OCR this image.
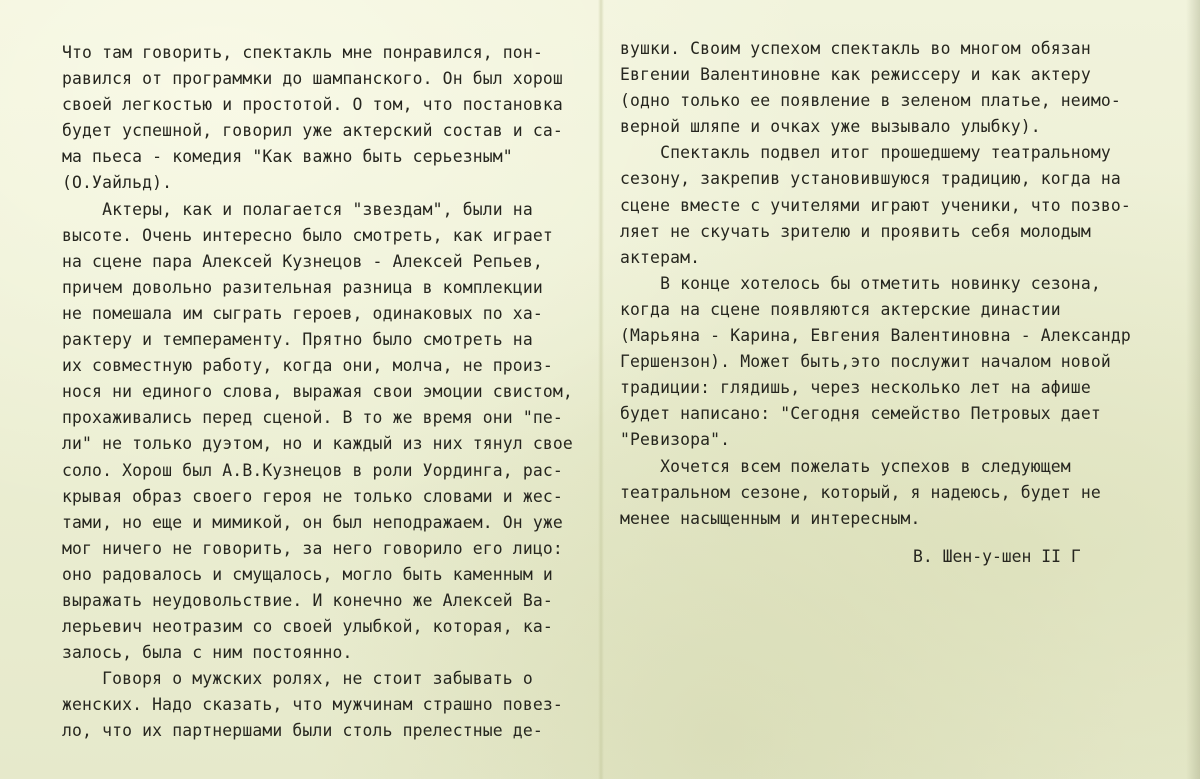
Что там говорить, спектакль мне понравился, пон-
равился от программки до шампанского. Он был хорош
своей легкостью и простотой. О том, что постановка
будет успешной, говорил уже актерский состав и са-
ма пьеса - комедия "Как важно быть серьезным"
(О.Уайльд).
Актеры, как и полагается "звездам", были на
высоте. Очень интересно было смотреть, как играет
на сцене пара Алексей Кузнецов - Алексей Репьев,
причем довольно разительная разница в комплекции
не помешала им сыграть героев, одинаковых по ха-
рактеру и темпераменту. Прятно было смотреть на
их совместную работу, когда они, молча, не произ-
нося ни единого слова, выражая свои эмоции свистом,
прохаживались перед сценой. В то же время они "пе-
ли" не только дуэтом, но и каждый из них тянул свое
соло. Хорош был А.В.Кузнецов в роли Уординга, рас-
крывая образ своего героя не только словами и жес-
тами, но еще и мимикой, он был неподражаем. Он уже
мог ничего не говорить, за него говорило его лицо:
оно радовалось и смущалось, могло быть каменным и
выражать неудовольствие. И конечно же Алексей Ва-
лерьевич неотразим со своей улыбкой, которая, ка-
залось, была с ним постоянно.
Говоря о мужских ролях, не стоит забывать о
женских. Надо сказать, что мужчинам страшно повез-
ло, что их партнершами были столь прелестные де-
вушки. Своим успехом спектакль во многом обязан
Евгении Валентиновне как режиссеру и как актеру
(одно только ее появление в зеленом платье, неимо-
верной шляпе и очках уже вызывало улыбку).
Спектакль подвел итог прошедшему театральному
сезону, закрепив установившуюся традицию, когда на
сцене вместе с учителями играют ученики, что позво-
ляет не скучать зрителю и проявить себя молодым
актерам.
В конце хотелось бы отметить новинку сезона,
когда на сцене появляются актерские династии
(Марьяна - Карина, Евгения Валентиновна - Александр
Гершензон). Может быть,это послужит началом новой
традиции: глядишь, через несколько лет на афише
будет написано: "Сегодня семейство Петровых дает
"Ревизора".
Хочется всем пожелать успехов в следующем
театральном сезоне, который, я надеюсь, будет не
менее насыщенным и интересным.
В. Шен-у-шен II Г
